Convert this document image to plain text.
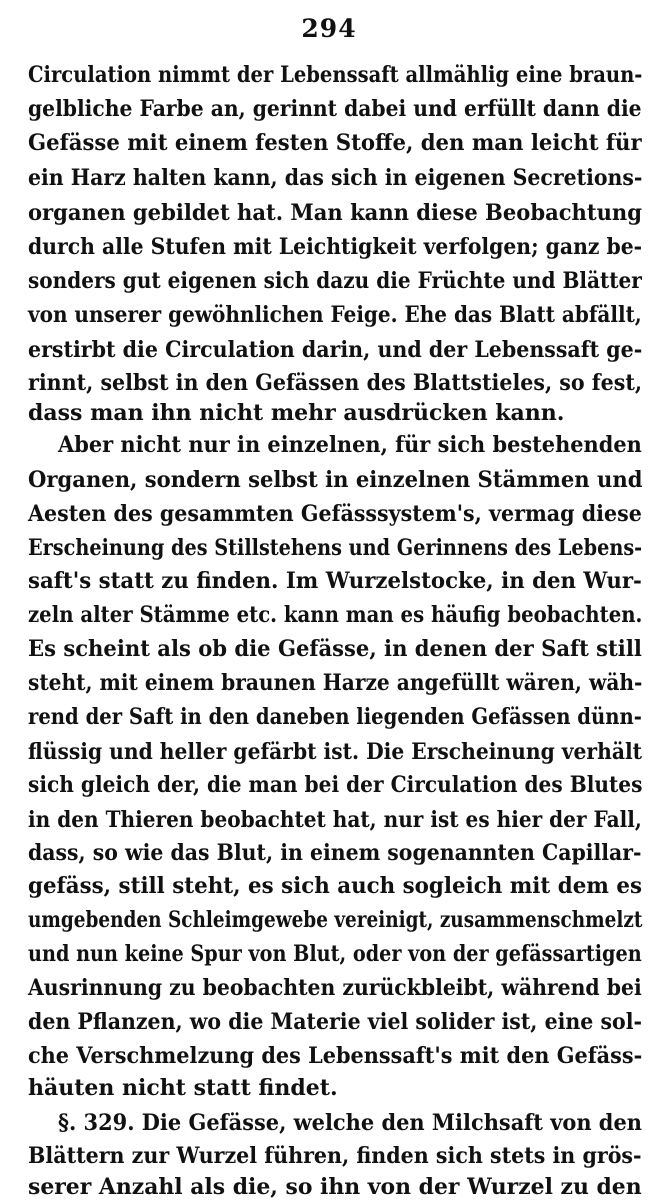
294
Circulation nimmt der Lebenssaft allmählig eine braun-
gelbliche Farbe an, gerinnt dabei und erfüllt dann die
Gefässe mit einem festen Stoffe, den man leicht für
ein Harz halten kann, das sich in eigenen Secretions-
organen gebildet hat. Man kann diese Beobachtung
durch alle Stufen mit Leichtigkeit verfolgen; ganz be-
sonders gut eigenen sich dazu die Früchte und Blätter
von unserer gewöhnlichen Feige. Ehe das Blatt abfällt,
erstirbt die Circulation darin, und der Lebenssaft ge-
rinnt, selbst in den Gefässen des Blattstieles, so fest,
dass man ihn nicht mehr ausdrücken kann.
Aber nicht nur in einzelnen, für sich bestehenden
Organen, sondern selbst in einzelnen Stämmen und
Aesten des gesammten Gefässsystem's, vermag diese
Erscheinung des Stillstehens und Gerinnens des Lebens-
saft's statt zu finden. Im Wurzelstocke, in den Wur-
zeln alter Stämme etc. kann man es häufig beobachten.
Es scheint als ob die Gefässe, in denen der Saft still
steht, mit einem braunen Harze angefüllt wären, wäh-
rend der Saft in den daneben liegenden Gefässen dünn-
flüssig und heller gefärbt ist. Die Erscheinung verhält
sich gleich der, die man bei der Circulation des Blutes
in den Thieren beobachtet hat, nur ist es hier der Fall,
dass, so wie das Blut, in einem sogenannten Capillar-
gefäss, still steht, es sich auch sogleich mit dem es
umgebenden Schleimgewebe vereinigt, zusammenschmelzt
und nun keine Spur von Blut, oder von der gefässartigen
Ausrinnung zu beobachten zurückbleibt, während bei
den Pflanzen, wo die Materie viel solider ist, eine sol-
che Verschmelzung des Lebenssaft's mit den Gefäss-
häuten nicht statt findet.
§. 329. Die Gefässe, welche den Milchsaft von den
Blättern zur Wurzel führen, finden sich stets in grös-
serer Anzahl als die, so ihn von der Wurzel zu den
